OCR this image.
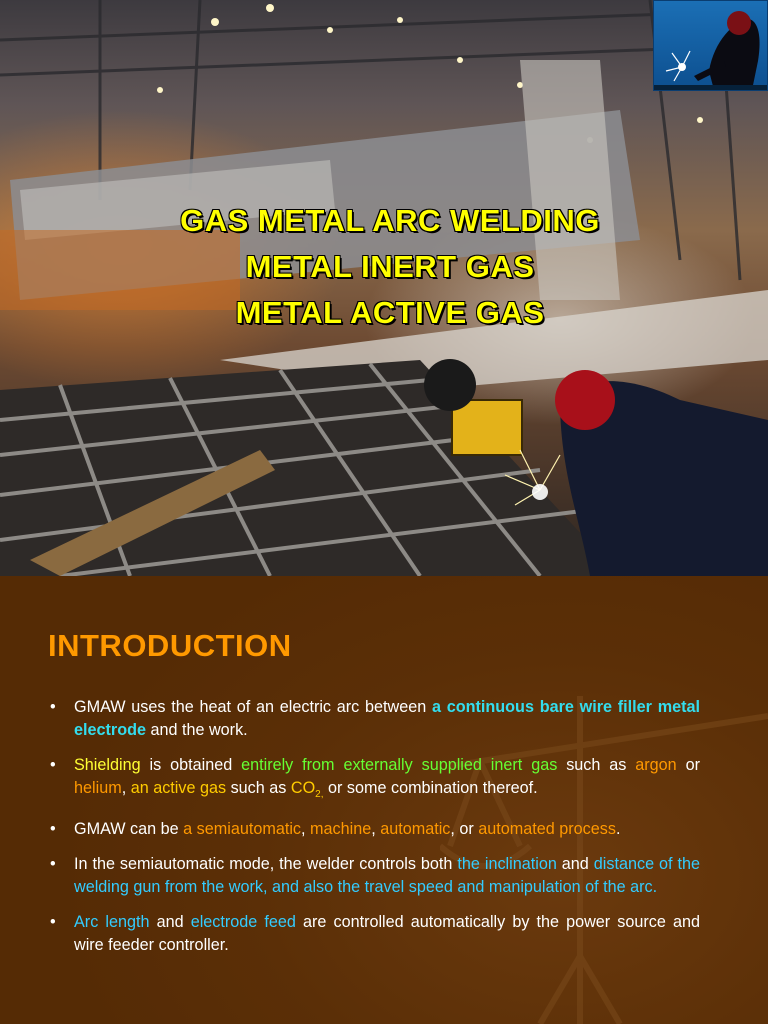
GAS METAL ARC WELDING
METAL INERT GAS
METAL ACTIVE GAS
INTRODUCTION
• GMAW uses the heat of an electric arc between a continuous bare wire filler metal electrode and the work.
• Shielding is obtained entirely from externally supplied inert gas such as argon or helium, an active gas such as $CO_{2,}$ or some combination thereof.
• GMAW can be a semiautomatic, machine, automatic, or automated process.
• In the semiautomatic mode, the welder controls both the inclination and distance of the welding gun from the work, and also the travel speed and manipulation of the arc.
• Arc length and electrode feed are controlled automatically by the power source and wire feeder controller.
